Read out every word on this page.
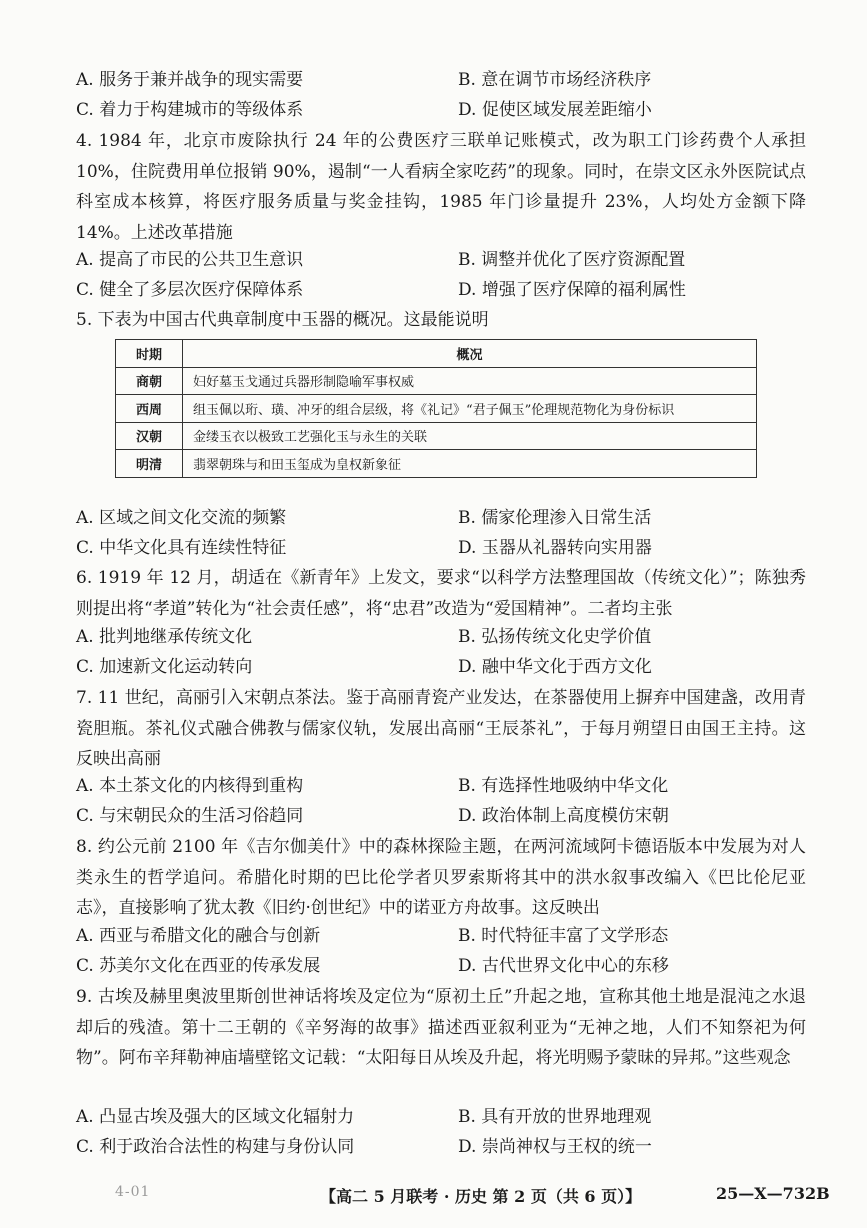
A. 服务于兼并战争的现实需要	B. 意在调节市场经济秩序
C. 着力于构建城市的等级体系	D. 促使区域发展差距缩小
4. 1984 年，北京市废除执行 24 年的公费医疗三联单记账模式，改为职工门诊药费个人承担 10%，住院费用单位报销 90%，遏制“一人看病全家吃药”的现象。同时，在崇文区永外医院试点科室成本核算，将医疗服务质量与奖金挂钩，1985 年门诊量提升 23%，人均处方金额下降 14%。上述改革措施
A. 提高了市民的公共卫生意识	B. 调整并优化了医疗资源配置
C. 健全了多层次医疗保障体系	D. 增强了医疗保障的福利属性
5. 下表为中国古代典章制度中玉器的概况。这最能说明
时期	概况
商朝	妇好墓玉戈通过兵器形制隐喻军事权威
西周	组玉佩以珩、璜、冲牙的组合层级，将《礼记》“君子佩玉”伦理规范物化为身份标识
汉朝	金缕玉衣以极致工艺强化玉与永生的关联
明清	翡翠朝珠与和田玉玺成为皇权新象征
A. 区域之间文化交流的频繁	B. 儒家伦理渗入日常生活
C. 中华文化具有连续性特征	D. 玉器从礼器转向实用器
6. 1919 年 12 月，胡适在《新青年》上发文，要求“以科学方法整理国故（传统文化）”；陈独秀则提出将“孝道”转化为“社会责任感”，将“忠君”改造为“爱国精神”。二者均主张
A. 批判地继承传统文化	B. 弘扬传统文化史学价值
C. 加速新文化运动转向	D. 融中华文化于西方文化
7. 11 世纪，高丽引入宋朝点茶法。鉴于高丽青瓷产业发达，在茶器使用上摒弃中国建盏，改用青瓷胆瓶。茶礼仪式融合佛教与儒家仪轨，发展出高丽“王辰茶礼”，于每月朔望日由国王主持。这反映出高丽
A. 本土茶文化的内核得到重构	B. 有选择性地吸纳中华文化
C. 与宋朝民众的生活习俗趋同	D. 政治体制上高度模仿宋朝
8. 约公元前 2100 年《吉尔伽美什》中的森林探险主题，在两河流域阿卡德语版本中发展为对人类永生的哲学追问。希腊化时期的巴比伦学者贝罗索斯将其中的洪水叙事改编入《巴比伦尼亚志》，直接影响了犹太教《旧约·创世纪》中的诺亚方舟故事。这反映出
A. 西亚与希腊文化的融合与创新	B. 时代特征丰富了文学形态
C. 苏美尔文化在西亚的传承发展	D. 古代世界文化中心的东移
9. 古埃及赫里奥波里斯创世神话将埃及定位为“原初土丘”升起之地，宣称其他土地是混沌之水退却后的残渣。第十二王朝的《辛努海的故事》描述西亚叙利亚为“无神之地，人们不知祭祀为何物”。阿布辛拜勒神庙墙壁铭文记载：“太阳每日从埃及升起，将光明赐予蒙昧的异邦。”这些观念
A. 凸显古埃及强大的区域文化辐射力	B. 具有开放的世界地理观
C. 利于政治合法性的构建与身份认同	D. 崇尚神权与王权的统一
4-01	【高二 5 月联考 · 历史 第 2 页（共 6 页）】	25—X—732B
